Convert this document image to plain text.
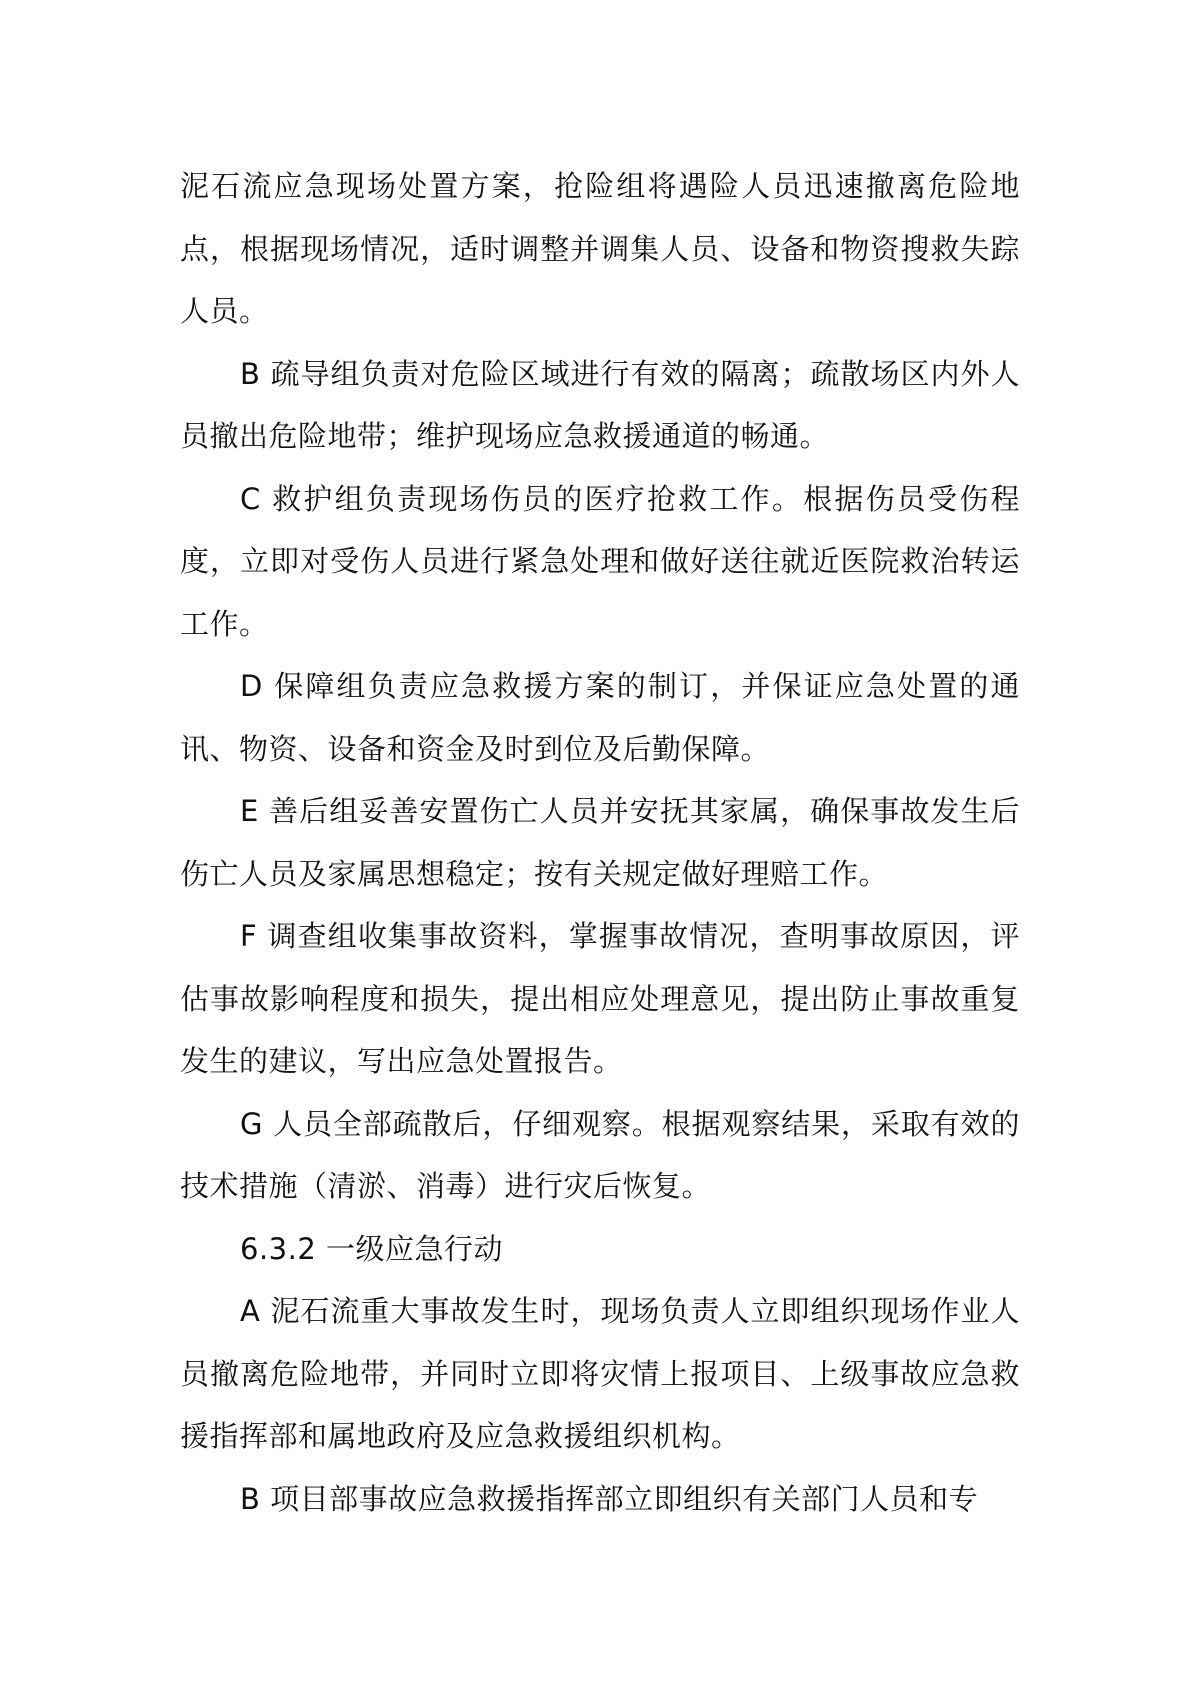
泥石流应急现场处置方案，抢险组将遇险人员迅速撤离危险地点，根据现场情况，适时调整并调集人员、设备和物资搜救失踪人员。

B 疏导组负责对危险区域进行有效的隔离；疏散场区内外人员撤出危险地带；维护现场应急救援通道的畅通。

C 救护组负责现场伤员的医疗抢救工作。根据伤员受伤程度，立即对受伤人员进行紧急处理和做好送往就近医院救治转运工作。

D 保障组负责应急救援方案的制订，并保证应急处置的通讯、物资、设备和资金及时到位及后勤保障。

E 善后组妥善安置伤亡人员并安抚其家属，确保事故发生后伤亡人员及家属思想稳定；按有关规定做好理赔工作。

F 调查组收集事故资料，掌握事故情况，查明事故原因，评估事故影响程度和损失，提出相应处理意见，提出防止事故重复发生的建议，写出应急处置报告。

G 人员全部疏散后，仔细观察。根据观察结果，采取有效的技术措施（清淤、消毒）进行灾后恢复。

6.3.2 一级应急行动

A 泥石流重大事故发生时，现场负责人立即组织现场作业人员撤离危险地带，并同时立即将灾情上报项目、上级事故应急救援指挥部和属地政府及应急救援组织机构。

B 项目部事故应急救援指挥部立即组织有关部门人员和专
